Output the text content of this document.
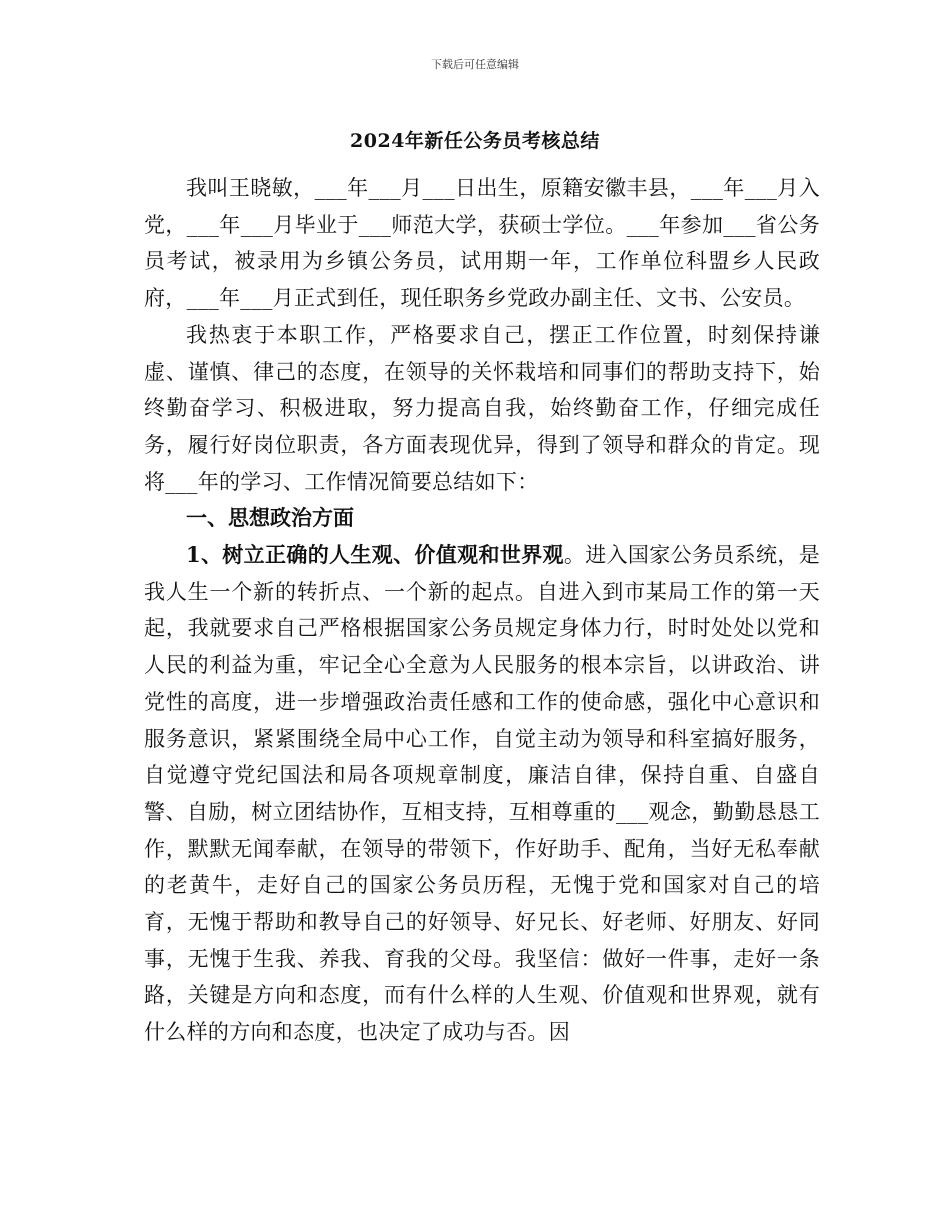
下载后可任意编辑
2024年新任公务员考核总结

我叫王晓敏，___年___月___日出生，原籍安徽丰县，___年___月入党，___年___月毕业于___师范大学，获硕士学位。___年参加___省公务员考试，被录用为乡镇公务员，试用期一年，工作单位科盟乡人民政府，___年___月正式到任，现任职务乡党政办副主任、文书、公安员。

我热衷于本职工作，严格要求自己，摆正工作位置，时刻保持谦虚、谨慎、律己的态度，在领导的关怀栽培和同事们的帮助支持下，始终勤奋学习、积极进取，努力提高自我，始终勤奋工作，仔细完成任务，履行好岗位职责，各方面表现优异，得到了领导和群众的肯定。现将___年的学习、工作情况简要总结如下：

一、思想政治方面

1、树立正确的人生观、价值观和世界观。进入国家公务员系统，是我人生一个新的转折点、一个新的起点。自进入到市某局工作的第一天起，我就要求自己严格根据国家公务员规定身体力行，时时处处以党和人民的利益为重，牢记全心全意为人民服务的根本宗旨，以讲政治、讲党性的高度，进一步增强政治责任感和工作的使命感，强化中心意识和服务意识，紧紧围绕全局中心工作，自觉主动为领导和科室搞好服务，自觉遵守党纪国法和局各项规章制度，廉洁自律，保持自重、自盛自警、自励，树立团结协作，互相支持，互相尊重的___观念，勤勤恳恳工作，默默无闻奉献，在领导的带领下，作好助手、配角，当好无私奉献的老黄牛，走好自己的国家公务员历程，无愧于党和国家对自己的培育，无愧于帮助和教导自己的好领导、好兄长、好老师、好朋友、好同事，无愧于生我、养我、育我的父母。我坚信：做好一件事，走好一条路，关键是方向和态度，而有什么样的人生观、价值观和世界观，就有什么样的方向和态度，也决定了成功与否。因
